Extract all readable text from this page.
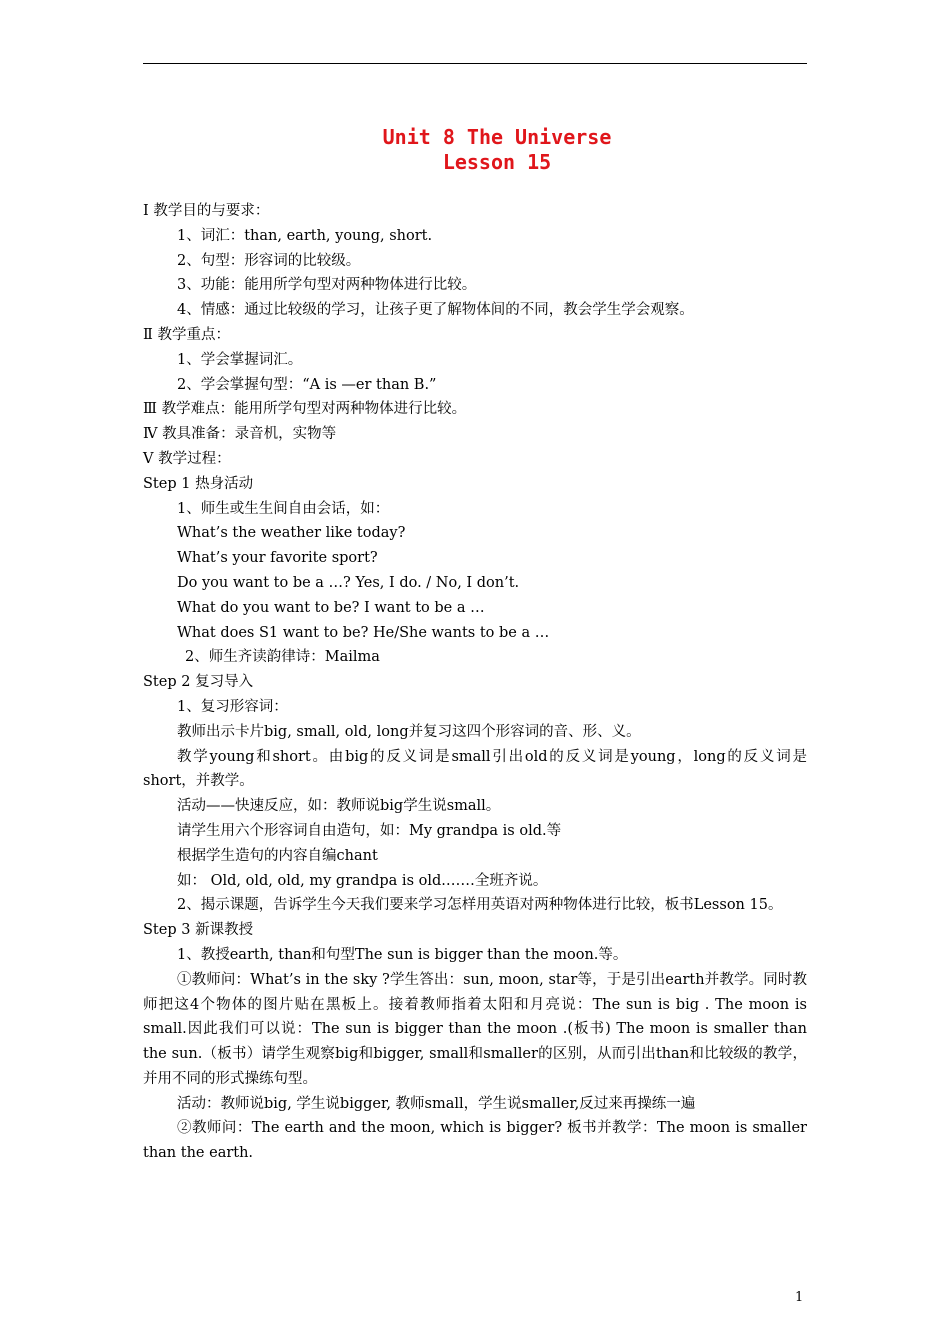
Unit 8 The Universe
Lesson 15
Ⅰ 教学目的与要求：
1、词汇：than, earth, young, short.
2、句型：形容词的比较级。
3、功能：能用所学句型对两种物体进行比较。
4、情感：通过比较级的学习，让孩子更了解物体间的不同，教会学生学会观察。
Ⅱ 教学重点：
1、学会掌握词汇。
2、学会掌握句型：“A is —er than B.”
Ⅲ 教学难点：能用所学句型对两种物体进行比较。
Ⅳ 教具准备：录音机，实物等
Ⅴ 教学过程：
Step 1 热身活动
1、师生或生生间自由会话，如：
What’s the weather like today?
What’s your favorite sport?
Do you want to be a …? Yes, I do. / No, I don’t.
What do you want to be? I want to be a …
What does S1 want to be? He/She wants to be a …
2、师生齐读韵律诗：Mailma
Step 2 复习导入
1、复习形容词：
教师出示卡片big, small, old, long并复习这四个形容词的音、形、义。
教学young和short。由big的反义词是small引出old的反义词是young，long的反义词是short，并教学。
活动——快速反应，如：教师说big学生说small。
请学生用六个形容词自由造句，如：My grandpa is old.等
根据学生造句的内容自编chant
如： Old, old, old, my grandpa is old.……全班齐说。
2、揭示课题，告诉学生今天我们要来学习怎样用英语对两种物体进行比较，板书Lesson 15。
Step 3 新课教授
1、教授earth, than和句型The sun is bigger than the moon.等。
①教师问：What’s in the sky ?学生答出：sun, moon, star等，于是引出earth并教学。同时教师把这4个物体的图片贴在黑板上。接着教师指着太阳和月亮说：The sun is big . The moon is small.因此我们可以说：The sun is bigger than the moon .(板书) The moon is smaller than the sun.（板书）请学生观察big和bigger, small和smaller的区别，从而引出than和比较级的教学，并用不同的形式操练句型。
活动：教师说big, 学生说bigger, 教师small，学生说smaller,反过来再操练一遍
②教师问：The earth and the moon, which is bigger? 板书并教学：The moon is smaller than the earth.
1
